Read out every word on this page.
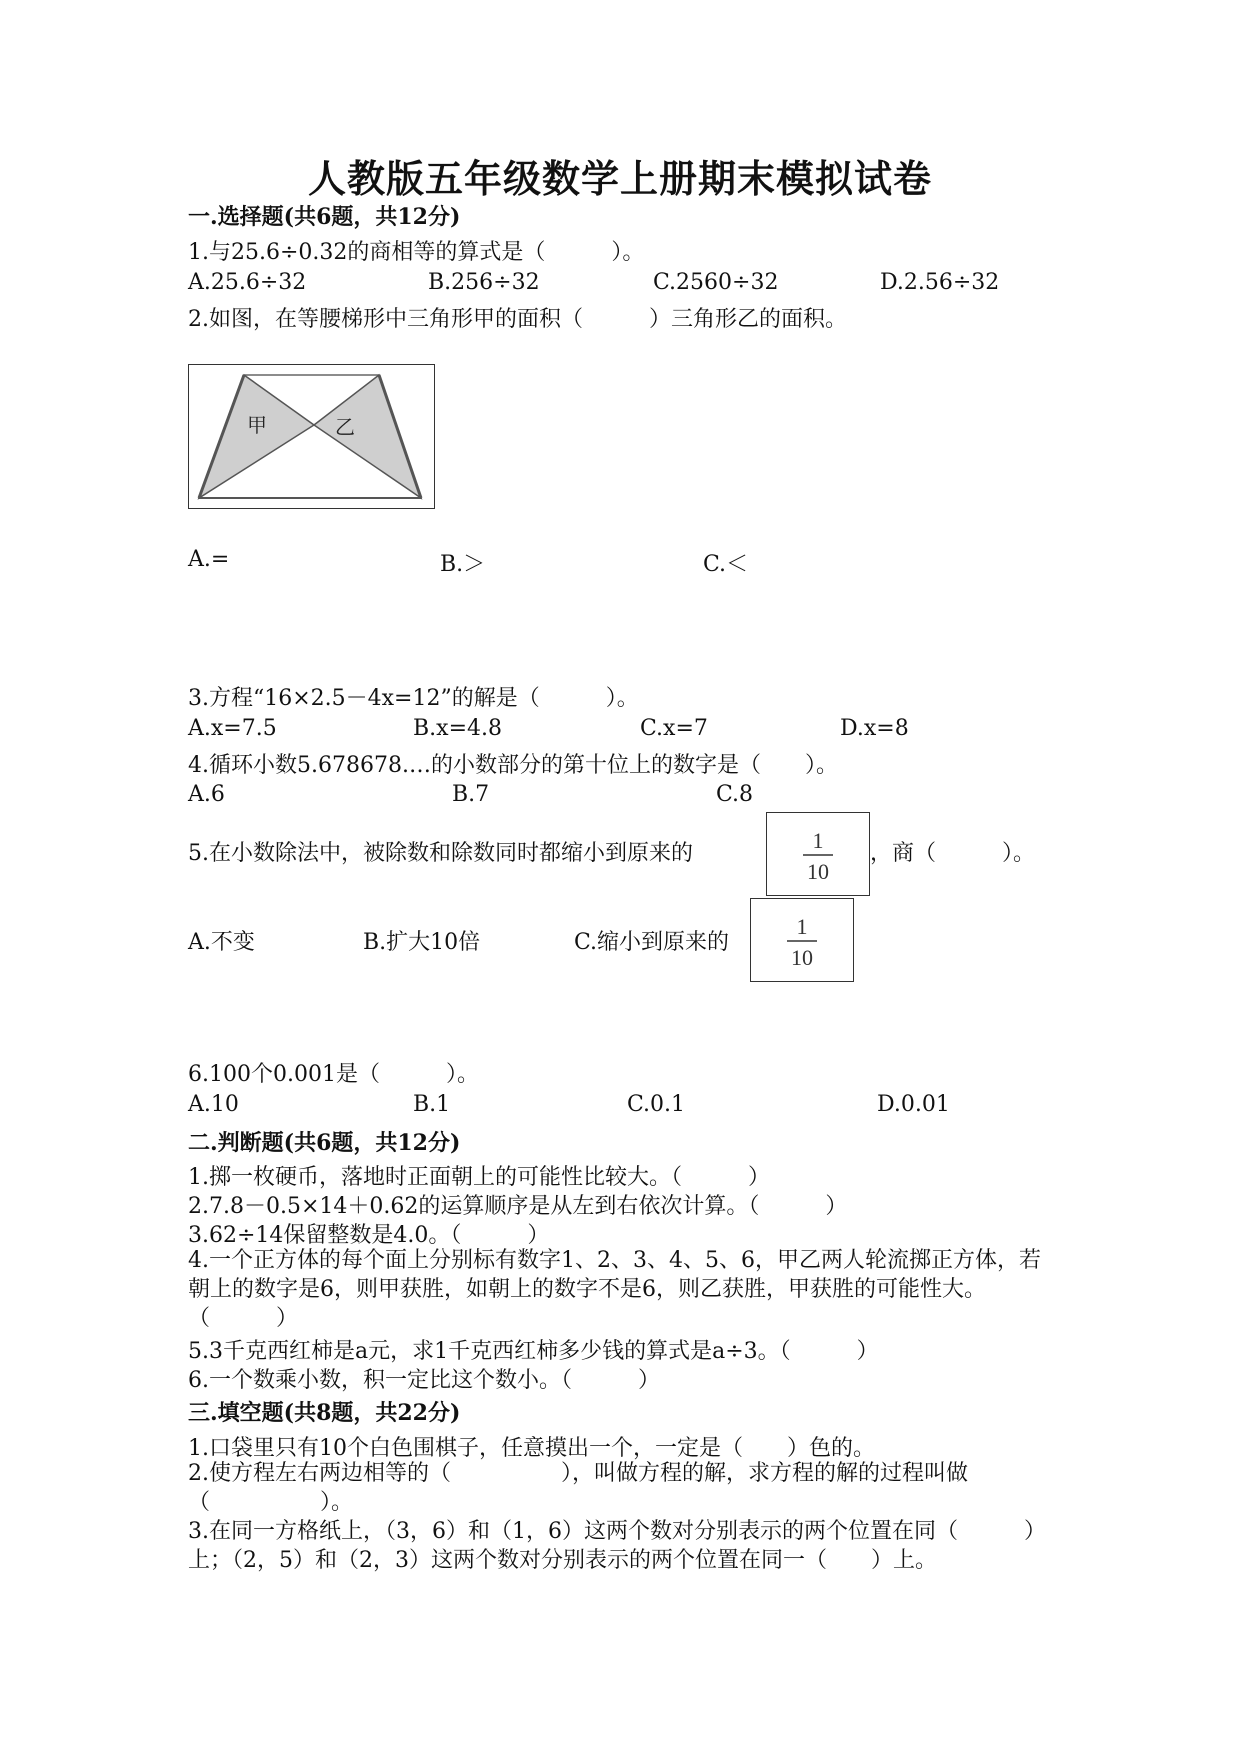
人教版五年级数学上册期末模拟试卷
一.选择题(共6题，共12分)
1.与25.6÷0.32的商相等的算式是（　　　）。
A.25.6÷32	B.256÷32	C.2560÷32	D.2.56÷32
2.如图，在等腰梯形中三角形甲的面积（　　　）三角形乙的面积。
甲	乙
A.=	B.＞	C.＜
3.方程“16×2.5－4x=12”的解是（　　　）。
A.x=7.5	B.x=4.8	C.x=7	D.x=8
4.循环小数5.678678.…的小数部分的第十位上的数字是（　　）。
A.6	B.7	C.8
5.在小数除法中，被除数和除数同时都缩小到原来的
1
10
，商（　　　）。
A.不变	B.扩大10倍	C.缩小到原来的
1
10
6.100个0.001是（　　　）。
A.10	B.1	C.0.1	D.0.01
二.判断题(共6题，共12分)
1.掷一枚硬币，落地时正面朝上的可能性比较大。（　　　）
2.7.8－0.5×14＋0.62的运算顺序是从左到右依次计算。（　　　）
3.62÷14保留整数是4.0。（　　　）
4.一个正方体的每个面上分别标有数字1、2、3、4、5、6，甲乙两人轮流掷正方体，若朝上的数字是6，则甲获胜，如朝上的数字不是6，则乙获胜，甲获胜的可能性大。（　　　）
5.3千克西红柿是a元，求1千克西红柿多少钱的算式是a÷3。（　　　）
6.一个数乘小数，积一定比这个数小。（　　　）
三.填空题(共8题，共22分)
1.口袋里只有10个白色围棋子，任意摸出一个，一定是（　　）色的。
2.使方程左右两边相等的（　　　　　），叫做方程的解，求方程的解的过程叫做（　　　　　）。
3.在同一方格纸上，（3，6）和（1，6）这两个数对分别表示的两个位置在同（　　　）上；（2，5）和（2，3）这两个数对分别表示的两个位置在同一（　　）上。
